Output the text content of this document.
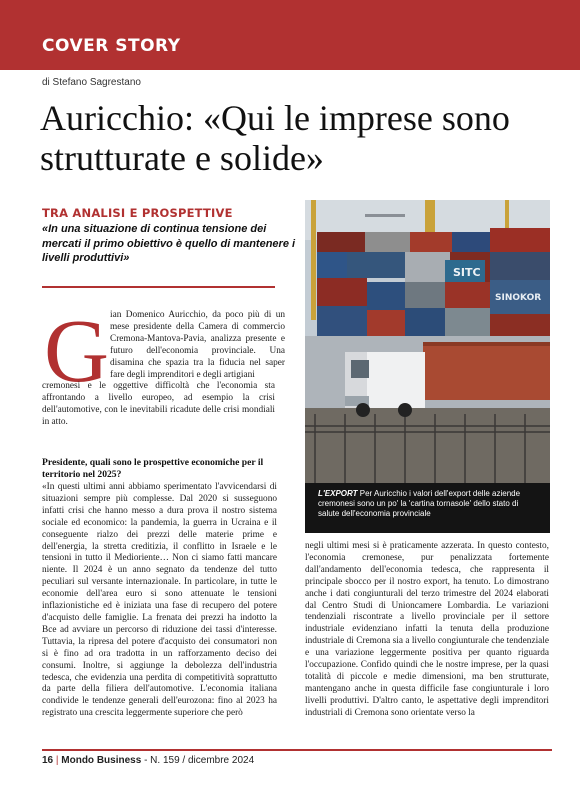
COVER STORY
di Stefano Sagrestano
Auricchio: «Qui le imprese sono strutturate e solide»
TRA ANALISI E PROSPETTIVE

«In una situazione di continua tensione dei mercati il primo obiettivo è quello di mantenere i livelli produttivi»

G ian Domenico Auricchio, da poco più di un mese presidente della Camera di commercio Cremona-Mantova-Pavia, analizza presente e futuro dell'economia provinciale. Una disamina che spazia tra la fiducia nel saper fare degli imprenditori e degli artigiani

cremonesi e le oggettive difficoltà che l'economia sta affrontando a livello europeo, ad esempio la crisi dell'automotive, con le inevitabili ricadute delle crisi mondiali in atto.

Presidente, quali sono le prospettive economiche per il territorio nel 2025?

«In questi ultimi anni abbiamo sperimentato l'avvicendarsi di situazioni sempre più complesse. Dal 2020 si susseguono infatti crisi che hanno messo a dura prova il nostro sistema sociale ed economico: la pandemia, la guerra in Ucraina e il conseguente rialzo dei prezzi delle materie prime e dell'energia, la stretta creditizia, il conflitto in Israele e le tensioni in tutto il Medioriente… Non ci siamo fatti mancare niente. Il 2024 è un anno segnato da tendenze del tutto peculiari sul versante internazionale. In particolare, in tutte le economie dell'area euro si sono attenuate le tensioni inflazionistiche ed è iniziata una fase di recupero del potere d'acquisto delle famiglie. La frenata dei prezzi ha indotto la Bce ad avviare un percorso di riduzione dei tassi d'interesse. Tuttavia, la ripresa del potere d'acquisto dei consumatori non si è fino ad ora tradotta in un rafforzamento deciso dei consumi. Inoltre, si aggiunge la debolezza dell'industria tedesca, che evidenzia una perdita di competitività soprattutto da parte della filiera dell'automotive. L'economia italiana condivide le tendenze generali dell'eurozona: fino al 2023 ha registrato una crescita leggermente superiore che però

SITC
SINOKOR

L'EXPORT Per Auricchio i valori dell'export delle aziende cremonesi sono un po' la 'cartina tornasole' dello stato di salute dell'economia provinciale

negli ultimi mesi si è praticamente azzerata. In questo contesto, l'economia cremonese, pur penalizzata fortemente dall'andamento dell'economia tedesca, che rappresenta il principale sbocco per il nostro export, ha tenuto. Lo dimostrano anche i dati congiunturali del terzo trimestre del 2024 elaborati dal Centro Studi di Unioncamere Lombardia. Le variazioni tendenziali riscontrate a livello provinciale per il settore industriale evidenziano infatti la tenuta della produzione industriale di Cremona sia a livello congiunturale che tendenziale e una variazione leggermente positiva per quanto riguarda l'occupazione. Confido quindi che le nostre imprese, per la quasi totalità di piccole e medie dimensioni, ma ben strutturate, mantengano anche in questa difficile fase congiunturale i loro livelli produttivi. D'altro canto, le aspettative degli imprenditori industriali di Cremona sono orientate verso la

16 | Mondo Business - N. 159 / dicembre 2024
